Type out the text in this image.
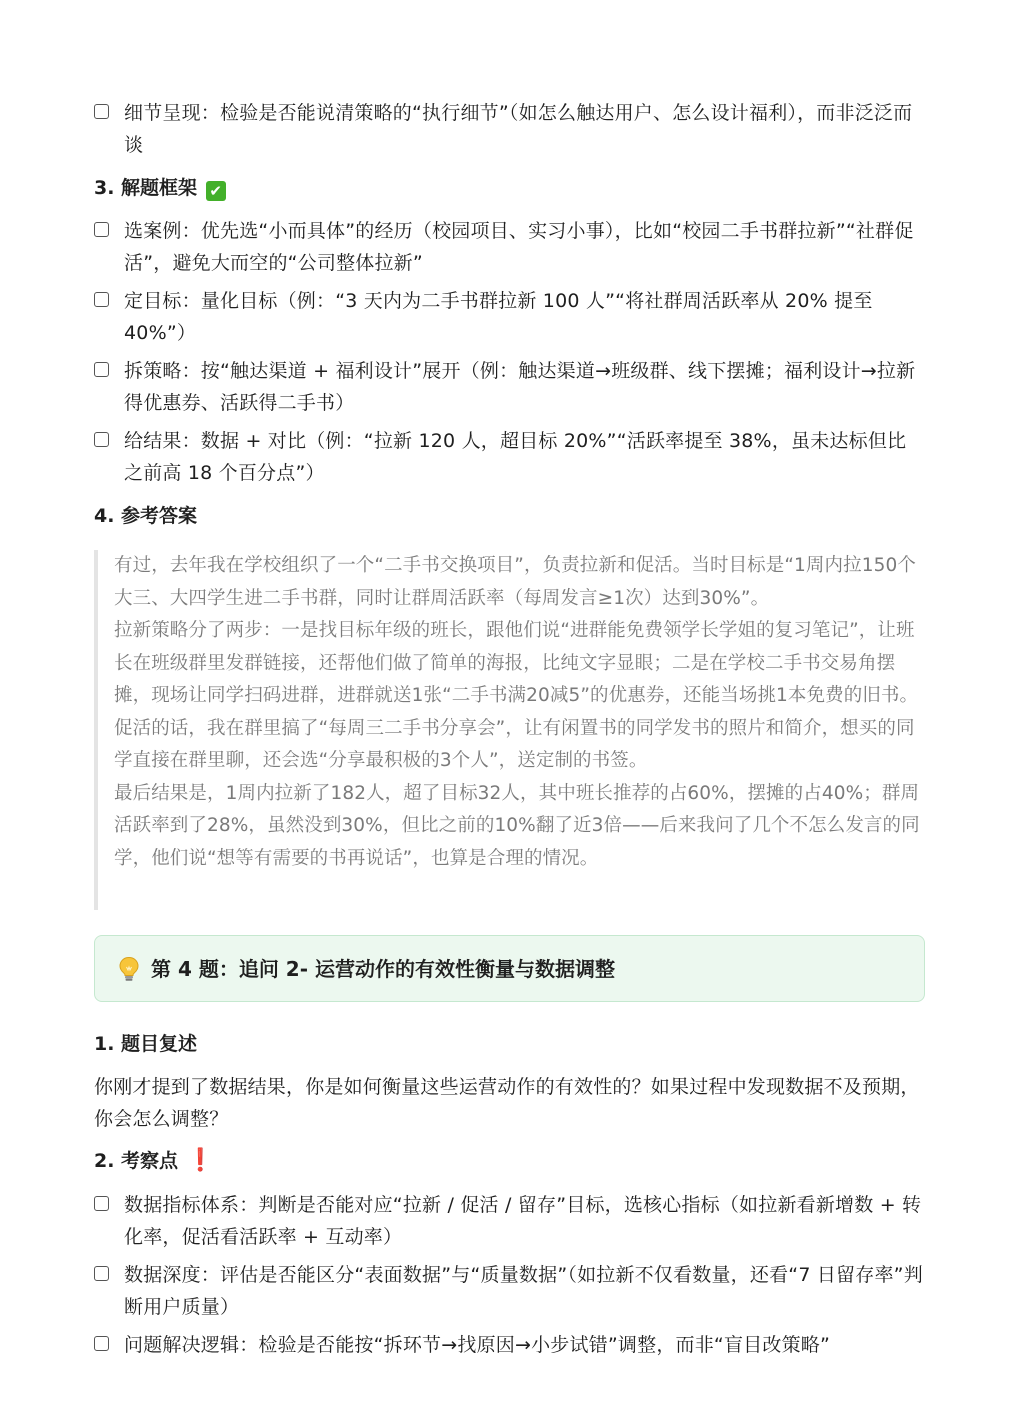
细节呈现：检验是否能说清策略的“执行细节”（如怎么触达用户、怎么设计福利），而非泛泛而谈
3. 解题框架 ✔
选案例：优先选“小而具体”的经历（校园项目、实习小事），比如“校园二手书群拉新”“社群促活”，避免大而空的“公司整体拉新”
定目标：量化目标（例：“3 天内为二手书群拉新 100 人”“将社群周活跃率从 20% 提至 40%”）
拆策略：按“触达渠道 + 福利设计”展开（例：触达渠道→班级群、线下摆摊；福利设计→拉新得优惠券、活跃得二手书）
给结果：数据 + 对比（例：“拉新 120 人，超目标 20%”“活跃率提至 38%，虽未达标但比之前高 18 个百分点”）
4. 参考答案

有过，去年我在学校组织了一个“二手书交换项目”，负责拉新和促活。当时目标是“1周内拉150个大三、大四学生进二手书群，同时让群周活跃率（每周发言≥1次）达到30%”。

拉新策略分了两步：一是找目标年级的班长，跟他们说“进群能免费领学长学姐的复习笔记”，让班长在班级群里发群链接，还帮他们做了简单的海报，比纯文字显眼；二是在学校二手书交易角摆摊，现场让同学扫码进群，进群就送1张“二手书满20减5”的优惠券，还能当场挑1本免费的旧书。

促活的话，我在群里搞了“每周三二手书分享会”，让有闲置书的同学发书的照片和简介，想买的同学直接在群里聊，还会选“分享最积极的3个人”，送定制的书签。

最后结果是，1周内拉新了182人，超了目标32人，其中班长推荐的占60%，摆摊的占40%；群周活跃率到了28%，虽然没到30%，但比之前的10%翻了近3倍——后来我问了几个不怎么发言的同学，他们说“想等有需要的书再说话”，也算是合理的情况。

第 4 题：追问 2- 运营动作的有效性衡量与数据调整
1. 题目复述
你刚才提到了数据结果，你是如何衡量这些运营动作的有效性的？如果过程中发现数据不及预期，你会怎么调整？
2. 考察点 ❗
数据指标体系：判断是否能对应“拉新 / 促活 / 留存”目标，选核心指标（如拉新看新增数 + 转化率，促活看活跃率 + 互动率）
数据深度：评估是否能区分“表面数据”与“质量数据”（如拉新不仅看数量，还看“7 日留存率”判断用户质量）
问题解决逻辑：检验是否能按“拆环节→找原因→小步试错”调整，而非“盲目改策略”
